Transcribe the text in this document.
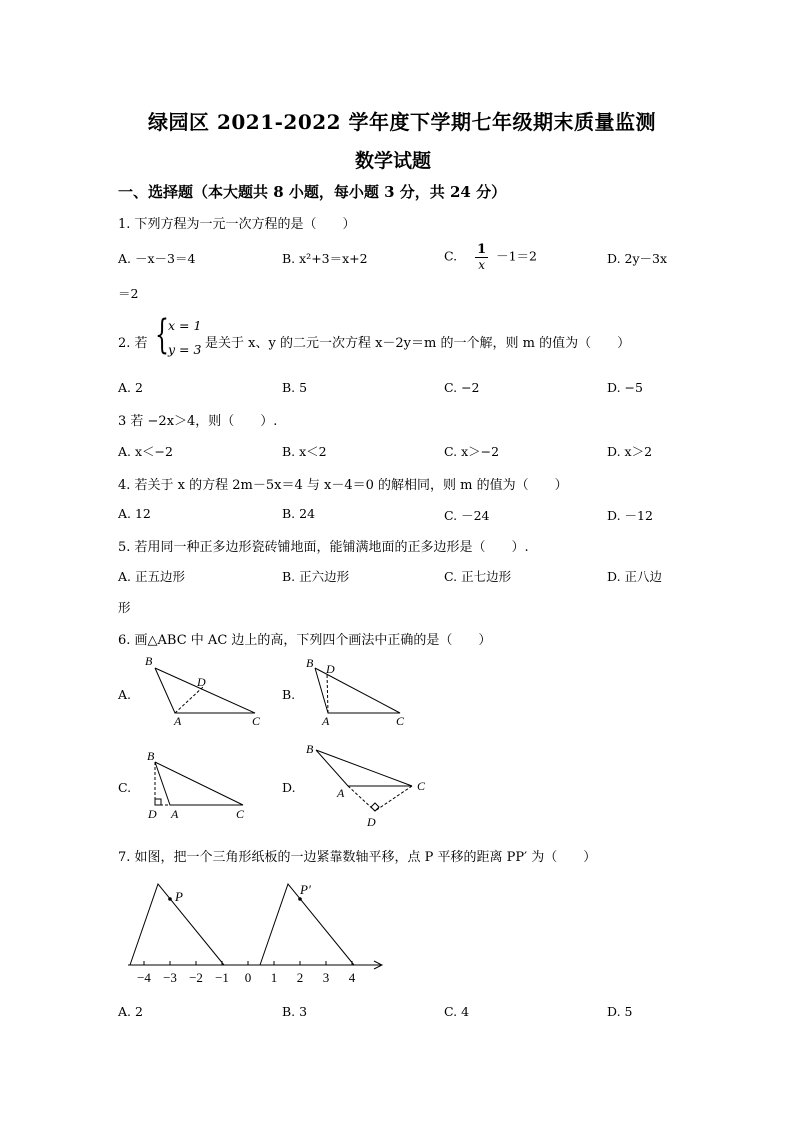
绿园区 2021-2022 学年度下学期七年级期末质量监测
数学试题
一、选择题（本大题共 8 小题，每小题 3 分，共 24 分）
1. 下列方程为一元一次方程的是（　　）
A. －x－3＝4	B. x²+3＝x+2	C. $\frac{1}{x} -1=2$	D. 2y－3x
＝2
2. 若 { x = 1
y = 3 是关于 x、y 的二元一次方程 x－2y＝m 的一个解，则 m 的值为（　　）
A. 2	B. 5	C. −2	D. −5
3 若 −2x＞4，则（　　）.
A. x＜−2	B. x＜2	C. x＞−2	D. x＞2
4. 若关于 x 的方程 2m－5x＝4 与 x－4＝0 的解相同，则 m 的值为（　　）
A. 12	B. 24	C. －24	D. －12
5. 若用同一种正多边形瓷砖铺地面，能铺满地面的正多边形是（　　）.
A. 正五边形	B. 正六边形	C. 正七边形	D. 正八边
形
6. 画△ABC 中 AC 边上的高，下列四个画法中正确的是（　　）
A.	B.
C.	D.
B
D
A	C
B D
A	C
B
D A	C
B
A	C
D
7. 如图，把一个三角形纸板的一边紧靠数轴平移，点 P 平移的距离 PP′ 为（　　）
P	P′
−4 −3 −2 −1 0 1 2 3 4
A. 2	B. 3	C. 4	D. 5
